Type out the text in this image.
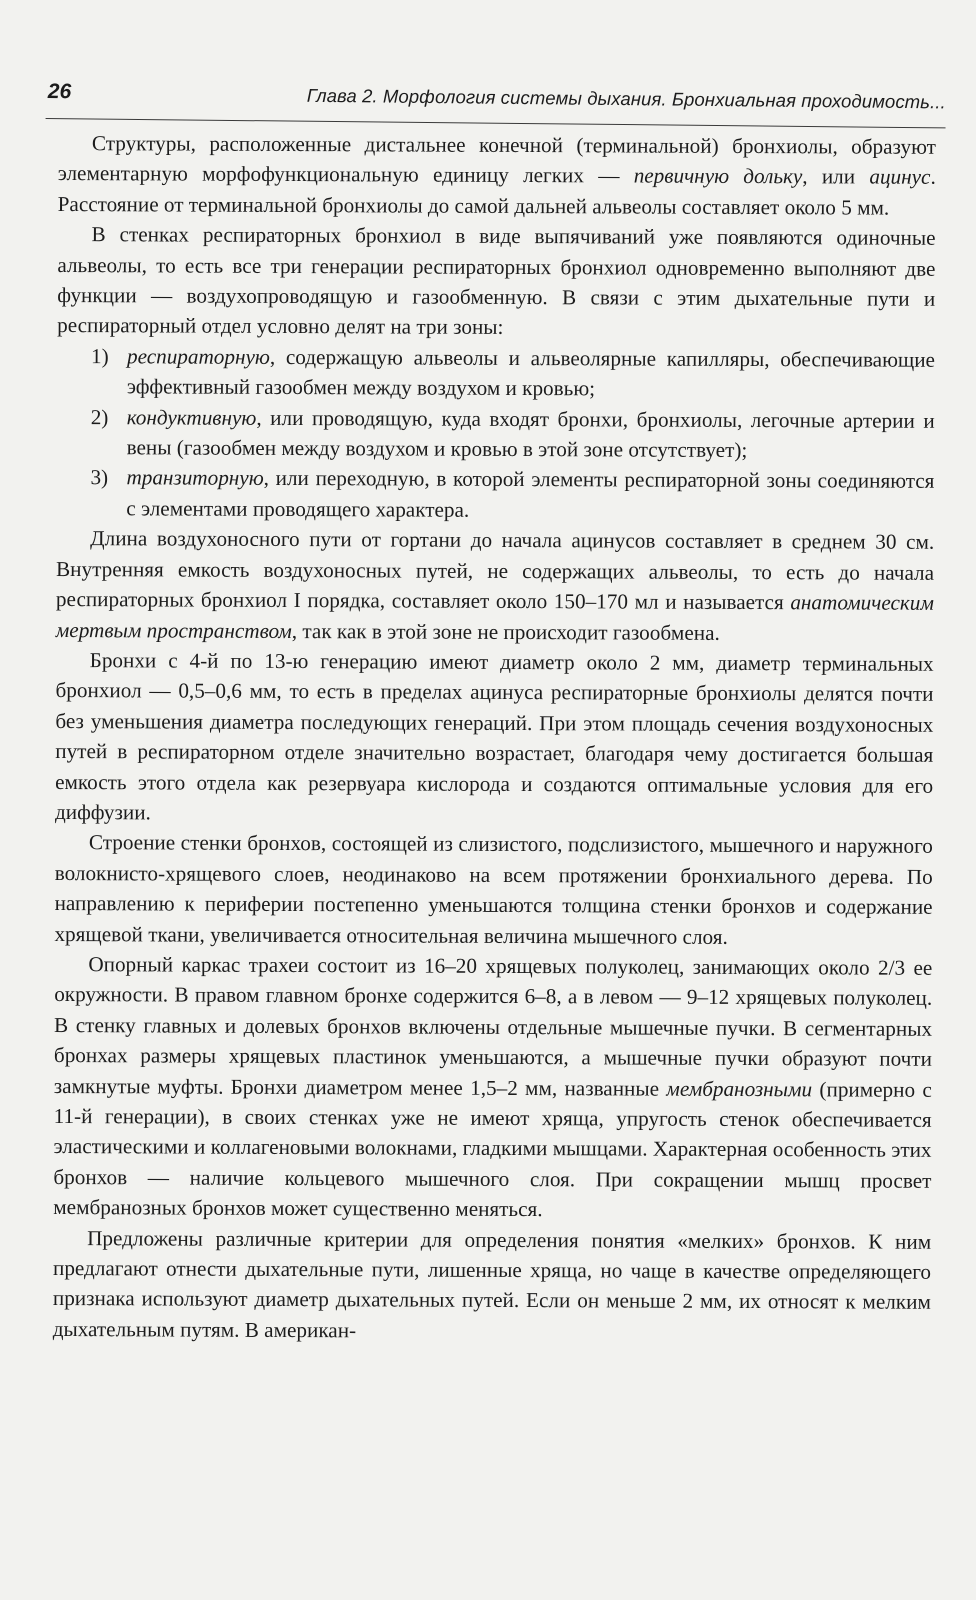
26	Глава 2. Морфология системы дыхания. Бронхиальная проходимость...

Структуры, расположенные дистальнее конечной (терминальной) бронхиолы, образуют элементарную морфофункциональную единицу легких — первичную дольку, или ацинус. Расстояние от терминальной бронхиолы до самой дальней альвеолы составляет около 5 мм.

В стенках респираторных бронхиол в виде выпячиваний уже появляются одиночные альвеолы, то есть все три генерации респираторных бронхиол одновременно выполняют две функции — воздухопроводящую и газообменную. В связи с этим дыхательные пути и респираторный отдел условно делят на три зоны:

1) респираторную, содержащую альвеолы и альвеолярные капилляры, обеспечивающие эффективный газообмен между воздухом и кровью;
2) кондуктивную, или проводящую, куда входят бронхи, бронхиолы, легочные артерии и вены (газообмен между воздухом и кровью в этой зоне отсутствует);
3) транзиторную, или переходную, в которой элементы респираторной зоны соединяются с элементами проводящего характера.

Длина воздухоносного пути от гортани до начала ацинусов составляет в среднем 30 см. Внутренняя емкость воздухоносных путей, не содержащих альвеолы, то есть до начала респираторных бронхиол I порядка, составляет около 150–170 мл и называется анатомическим мертвым пространством, так как в этой зоне не происходит газообмена.

Бронхи с 4-й по 13-ю генерацию имеют диаметр около 2 мм, диаметр терминальных бронхиол — 0,5–0,6 мм, то есть в пределах ацинуса респираторные бронхиолы делятся почти без уменьшения диаметра последующих генераций. При этом площадь сечения воздухоносных путей в респираторном отделе значительно возрастает, благодаря чему достигается большая емкость этого отдела как резервуара кислорода и создаются оптимальные условия для его диффузии.

Строение стенки бронхов, состоящей из слизистого, подслизистого, мышечного и наружного волокнисто-хрящевого слоев, неодинаково на всем протяжении бронхиального дерева. По направлению к периферии постепенно уменьшаются толщина стенки бронхов и содержание хрящевой ткани, увеличивается относительная величина мышечного слоя.

Опорный каркас трахеи состоит из 16–20 хрящевых полуколец, занимающих около 2/3 ее окружности. В правом главном бронхе содержится 6–8, а в левом — 9–12 хрящевых полуколец. В стенку главных и долевых бронхов включены отдельные мышечные пучки. В сегментарных бронхах размеры хрящевых пластинок уменьшаются, а мышечные пучки образуют почти замкнутые муфты. Бронхи диаметром менее 1,5–2 мм, названные мембранозными (примерно с 11-й генерации), в своих стенках уже не имеют хряща, упругость стенок обеспечивается эластическими и коллагеновыми волокнами, гладкими мышцами. Характерная особенность этих бронхов — наличие кольцевого мышечного слоя. При сокращении мышц просвет мембранозных бронхов может существенно меняться.

Предложены различные критерии для определения понятия «мелких» бронхов. К ним предлагают отнести дыхательные пути, лишенные хряща, но чаще в качестве определяющего признака используют диаметр дыхательных путей. Если он меньше 2 мм, их относят к мелким дыхательным путям. В американ-
